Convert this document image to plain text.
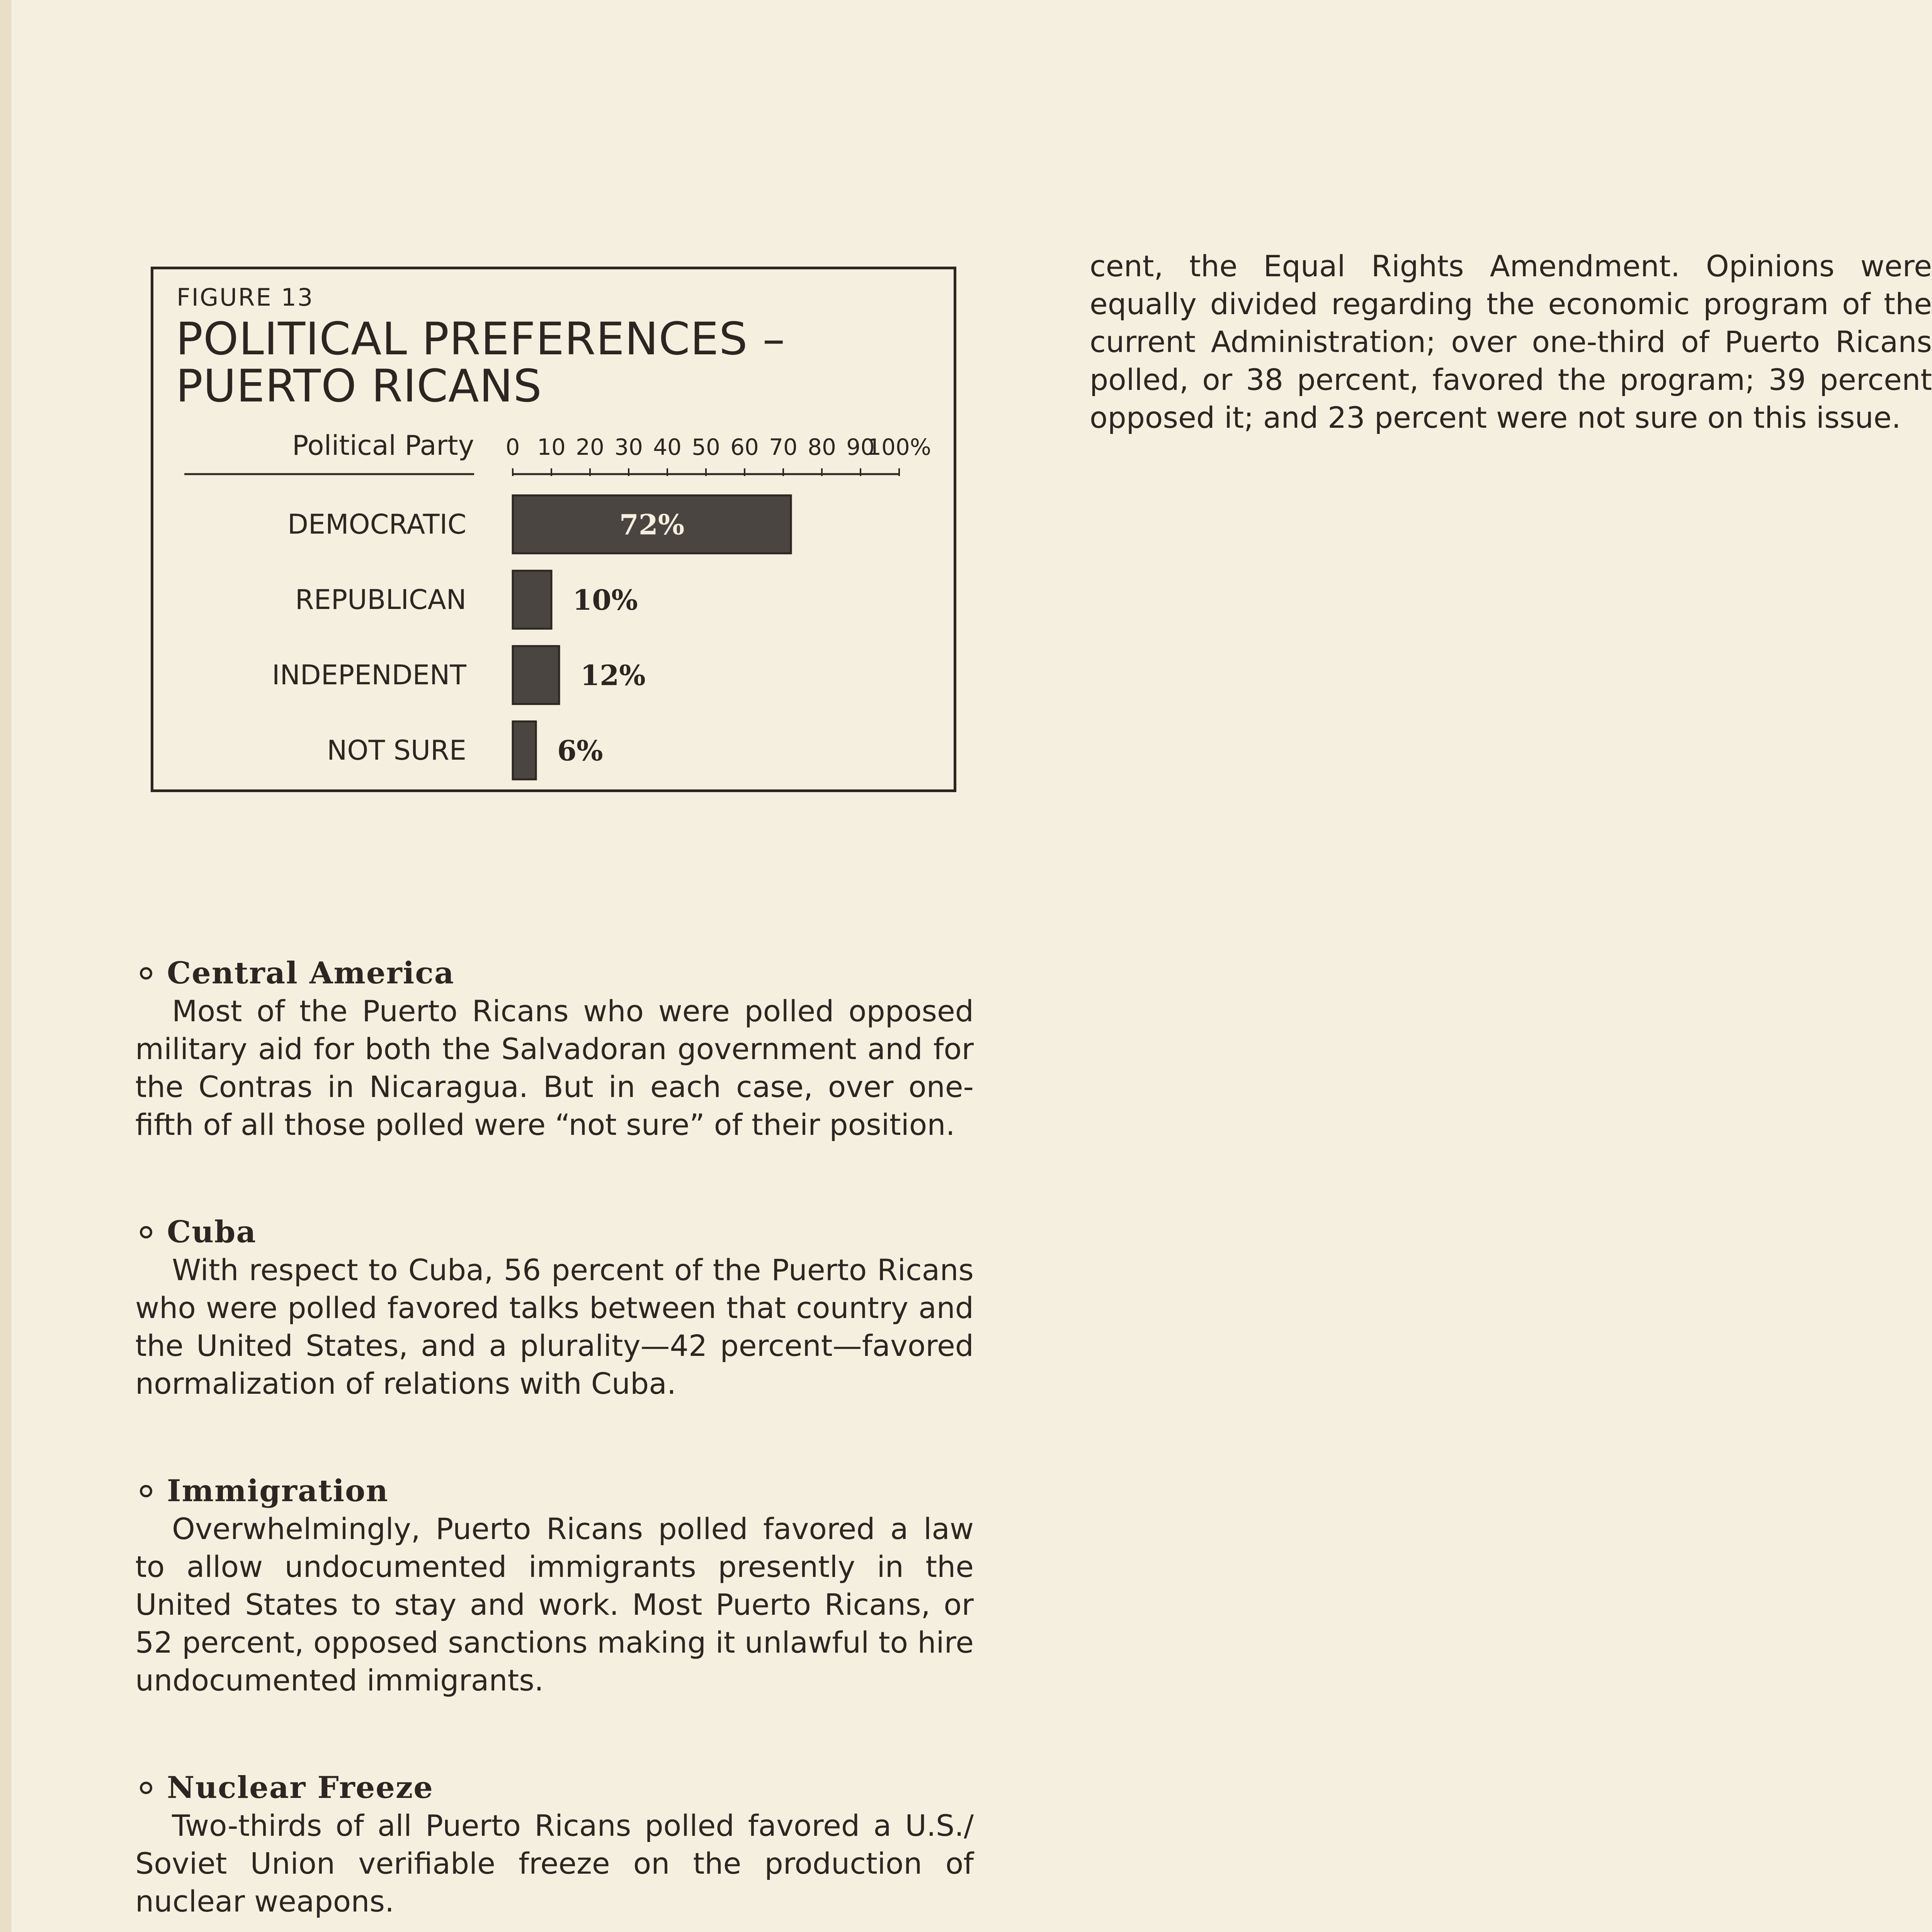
FIGURE 13
POLITICAL PREFERENCES – PUERTO RICANS
Political Party 0 10 20 30 40 50 60 70 80 90
100%
DEMOCRATIC	72%
REPUBLICAN	10%
INDEPENDENT	12%
NOT SURE	6%
cent, the Equal Rights Amendment. Opinions were equally divided regarding the economic program of the current Administration; over one-third of Puerto Ricans polled, or 38 percent, favored the program; 39 percent opposed it; and 23 percent were not sure on this issue.
Central America
Most of the Puerto Ricans who were polled opposed military aid for both the Salvadoran government and for the Contras in Nicaragua. But in each case, over one-fifth of all those polled were “not sure” of their position.
Cuba
With respect to Cuba, 56 percent of the Puerto Ricans who were polled favored talks between that country and the United States, and a plurality—42 percent—favored normalization of relations with Cuba.
Immigration
Overwhelmingly, Puerto Ricans polled favored a law to allow undocumented immigrants presently in the United States to stay and work. Most Puerto Ricans, or 52 percent, opposed sanctions making it unlawful to hire undocumented immigrants.
Nuclear Freeze
Two-thirds of all Puerto Ricans polled favored a U.S./ Soviet Union verifiable freeze on the production of nuclear weapons.
